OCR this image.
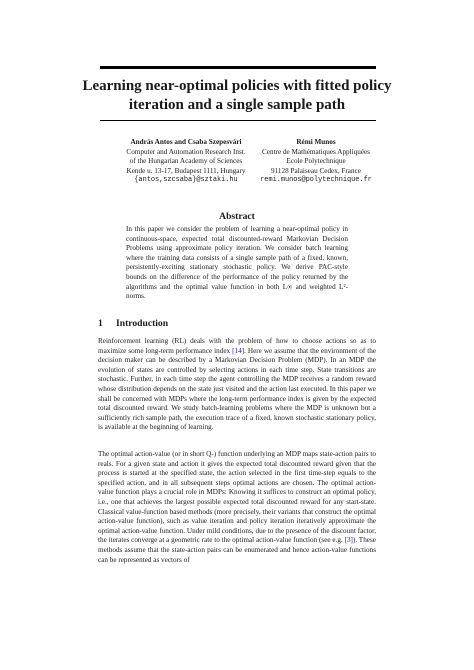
Learning near-optimal policies with fitted policy
iteration and a single sample path
András Antos and Csaba Szepesvári
Computer and Automation Research Inst.
of the Hungarian Academy of Sciences
Kende u. 13-17, Budapest 1111, Hungary
{antos,szcsaba}@sztaki.hu
Rémi Munos
Centre de Mathématiques Appliquées
Ecole Polytechnique
91128 Palaiseau Cedex, France
remi.munos@polytechnique.fr
Abstract
In this paper we consider the problem of learning a near-optimal policy in continuous-space, expected total discounted-reward Markovian Decision Problems using approximate policy iteration. We consider batch learning where the training data consists of a single sample path of a fixed, known, persistently-exciting stationary stochastic policy. We derive PAC-style bounds on the difference of the performance of the policy returned by the algorithms and the optimal value function in both L∞ and weighted L²-norms.
1 Introduction
Reinforcement learning (RL) deals with the problem of how to choose actions so as to maximize some long-term performance index [14]. Here we assume that the environment of the decision maker can be described by a Markovian Decision Problem (MDP). In an MDP the evolution of states are controlled by selecting actions in each time step. State transitions are stochastic. Further, in each time step the agent controlling the MDP receives a random reward whose distribution depends on the state just visited and the action last executed. In this paper we shall be concerned with MDPs where the long-term performance index is given by the expected total discounted reward. We study batch-learning problems where the MDP is unknown but a sufficiently rich sample path, the execution trace of a fixed, known stochastic stationary policy, is available at the beginning of learning.
The optimal action-value (or in short Q-) function underlying an MDP maps state-action pairs to reals. For a given state and action it gives the expected total discounted reward given that the process is started at the specified state, the action selected in the first time-step equals to the specified action, and in all subsequent steps optimal actions are chosen. The optimal action-value function plays a crucial role in MDPs: Knowing it suffices to construct an optimal policy, i.e., one that achieves the largest possible expected total discounted reward for any start-state. Classical value-function based methods (more precisely, their variants that construct the optimal action-value function), such as value iteration and policy iteration iteratively approximate the optimal action-value function. Under mild conditions, due to the presence of the discount factor, the iterates converge at a geometric rate to the optimal action-value function (see e.g. [3]). These methods assume that the state-action pairs can be enumerated and hence action-value functions can be represented as vectors of
